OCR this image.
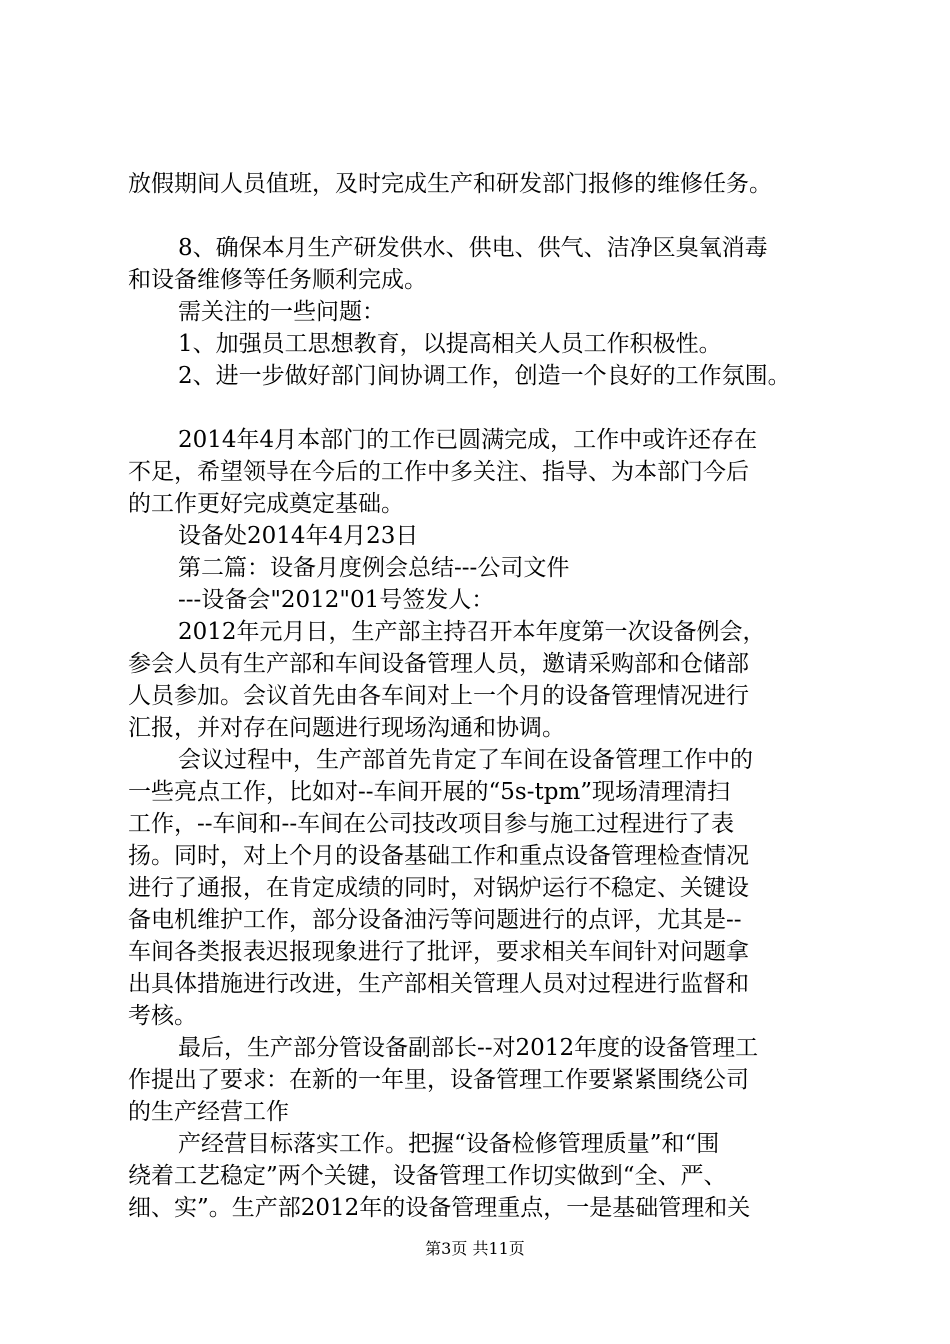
放假期间人员值班，及时完成生产和研发部门报修的维修任务。

8、确保本月生产研发供水、供电、供气、洁净区臭氧消毒

和设备维修等任务顺利完成。

需关注的一些问题：

1、加强员工思想教育，以提高相关人员工作积极性。

2、进一步做好部门间协调工作，创造一个良好的工作氛围。

2014年4月本部门的工作已圆满完成，工作中或许还存在

不足，希望领导在今后的工作中多关注、指导、为本部门今后

的工作更好完成奠定基础。

设备处2014年4月23日

第二篇：设备月度例会总结---公司文件

---设备会"2012"01号签发人：

2012年元月日，生产部主持召开本年度第一次设备例会，

参会人员有生产部和车间设备管理人员，邀请采购部和仓储部

人员参加。会议首先由各车间对上一个月的设备管理情况进行

汇报，并对存在问题进行现场沟通和协调。

会议过程中，生产部首先肯定了车间在设备管理工作中的

一些亮点工作，比如对--车间开展的“5s-tpm”现场清理清扫

工作，--车间和--车间在公司技改项目参与施工过程进行了表

扬。同时，对上个月的设备基础工作和重点设备管理检查情况

进行了通报，在肯定成绩的同时，对锅炉运行不稳定、关键设

备电机维护工作，部分设备油污等问题进行的点评，尤其是--

车间各类报表迟报现象进行了批评，要求相关车间针对问题拿

出具体措施进行改进，生产部相关管理人员对过程进行监督和

考核。

最后，生产部分管设备副部长--对2012年度的设备管理工

作提出了要求：在新的一年里，设备管理工作要紧紧围绕公司

的生产经营工作

产经营目标落实工作。把握“设备检修管理质量”和“围

绕着工艺稳定”两个关键，设备管理工作切实做到“全、严、

细、实”。生产部2012年的设备管理重点，一是基础管理和关

第3页 共11页
